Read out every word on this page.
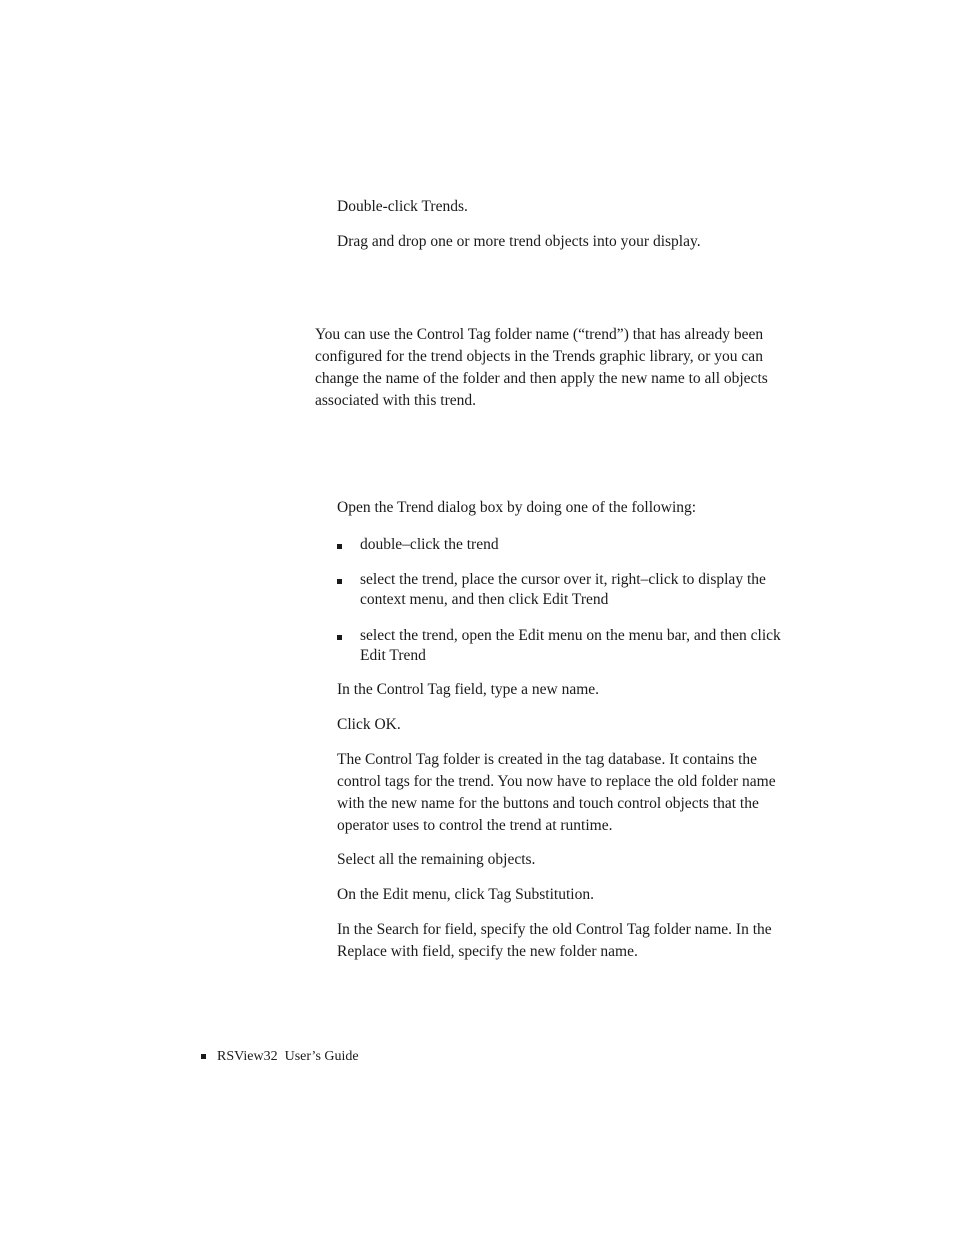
Double-click Trends.

Drag and drop one or more trend objects into your display.

You can use the Control Tag folder name (“trend”) that has already been configured for the trend objects in the Trends graphic library, or you can change the name of the folder and then apply the new name to all objects associated with this trend.

Open the Trend dialog box by doing one of the following:

double–click the trend
select the trend, place the cursor over it, right–click to display the context menu, and then click Edit Trend
select the trend, open the Edit menu on the menu bar, and then click Edit Trend

In the Control Tag field, type a new name.

Click OK.

The Control Tag folder is created in the tag database. It contains the control tags for the trend. You now have to replace the old folder name with the new name for the buttons and touch control objects that the operator uses to control the trend at runtime.

Select all the remaining objects.

On the Edit menu, click Tag Substitution.

In the Search for field, specify the old Control Tag folder name. In the Replace with field, specify the new folder name.

RSView32  User’s Guide
